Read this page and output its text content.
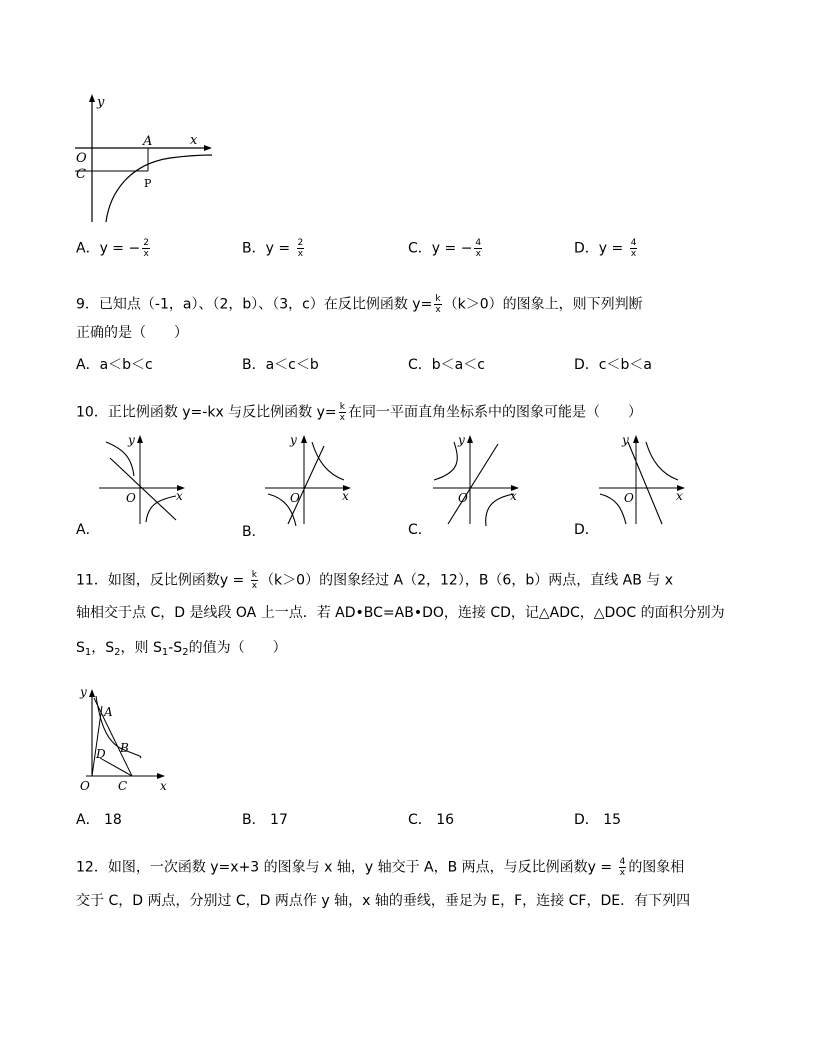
y
x
O
C
A
P
A．y = − $\frac{2}{x}$	B．$y = \frac{2}{x}$	C．y = − $\frac{4}{x}$	D．$y = \frac{4}{x}$
9．已知点（-1，a）、（2，b）、（3，c）在反比例函数 $y= \frac{k}{x} (k>0)$的图象上，则下列判断
正确的是（　　）
A．a＜b＜c	B．a＜c＜b	C．b＜a＜c	D．c＜b＜a
10．正比例函数 y=-kx 与反比例函数 $y= \frac{k}{x}$ 在同一平面直角坐标系中的图象可能是（　　）
y
x
O
A．
y
x
O
B．
y
x
O
C．
y
x
O
D．
11．如图，反比例函数$y = \frac{k}{x} (k>0)$的图象经过 A（2，12），B（6，b）两点，直线 AB 与 x
轴相交于点 C，D 是线段 OA 上一点．若 AD•BC=AB•DO，连接 CD，记△ADC，△DOC 的面积分别为
$S_1$，$S_2$，则 $S_1-S_2$的值为（　　）
y
x
O
A
B
C
D
A． 18	B． 17	C． 16	D． 15
12．如图，一次函数 y=x+3 的图象与 x 轴，y 轴交于 A，B 两点，与反比例函数$y = \frac{4}{x}$ 的图象相
交于 C，D 两点，分别过 C，D 两点作 y 轴，x 轴的垂线，垂足为 E，F，连接 CF，DE．有下列四
